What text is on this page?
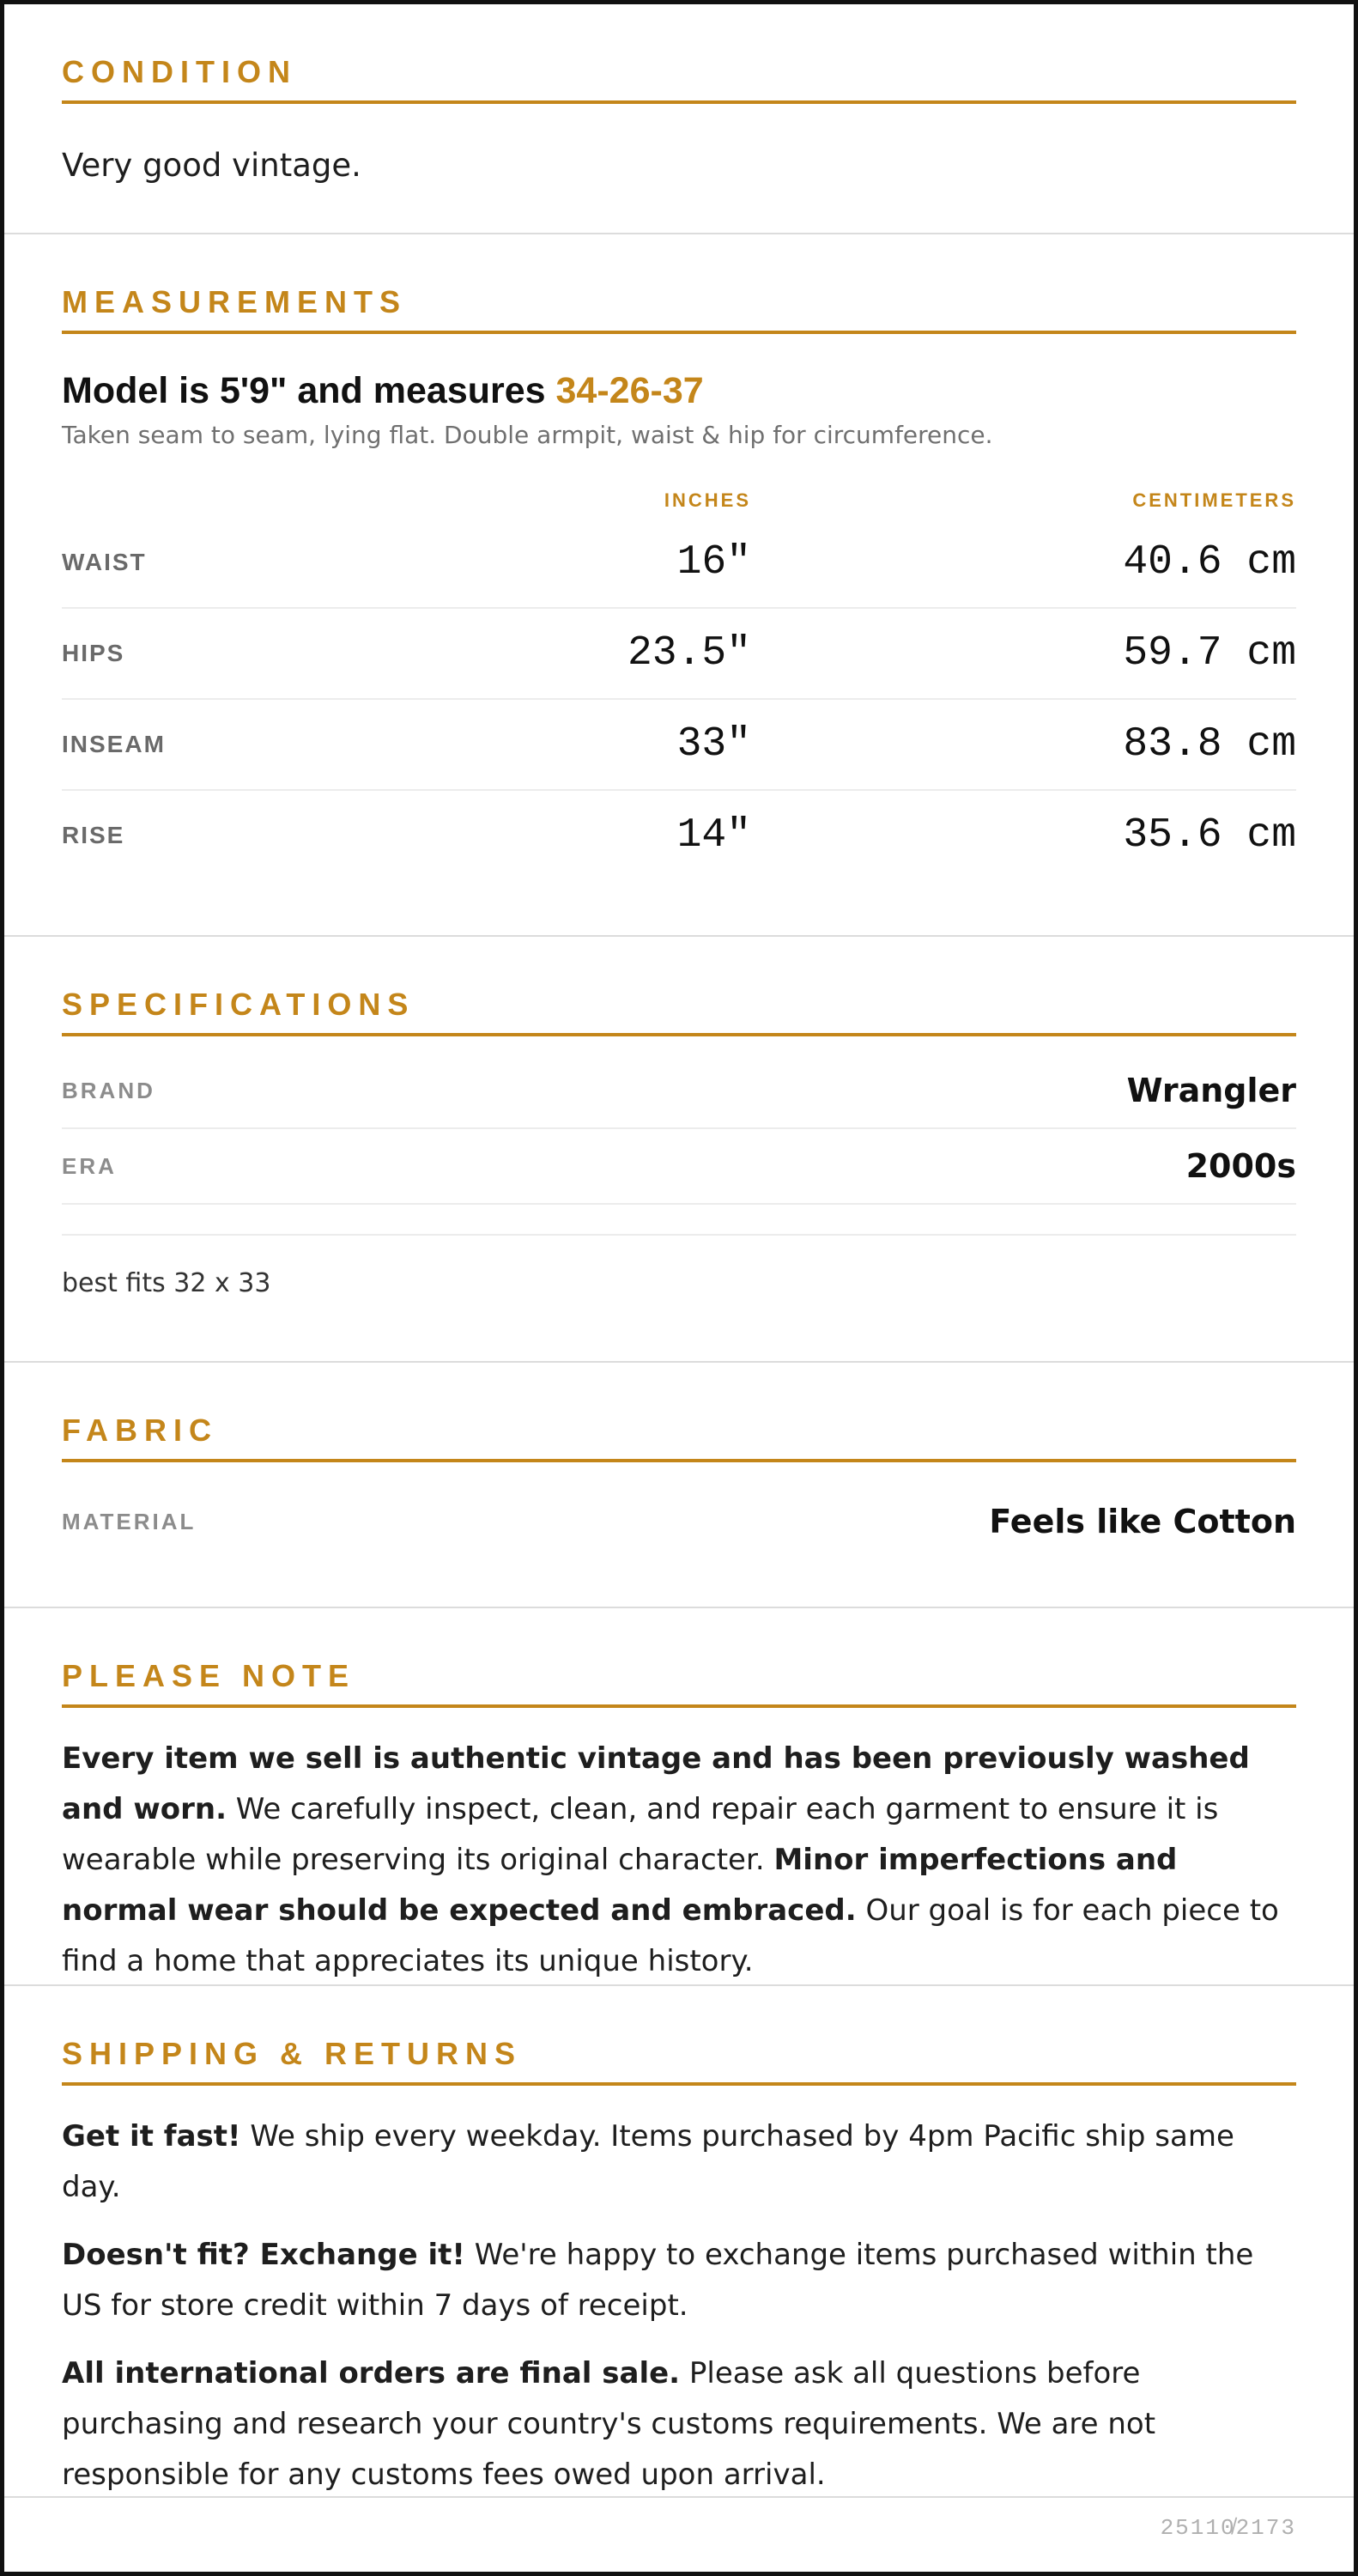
CONDITION
Very good vintage.
MEASUREMENTS
Model is 5'9" and measures 34-26-37
Taken seam to seam, lying flat. Double armpit, waist & hip for circumference.
INCHES	CENTIMETERS
WAIST	16"	40.6 cm
HIPS	23.5"	59.7 cm
INSEAM	33"	83.8 cm
RISE	14"	35.6 cm
SPECIFICATIONS
BRAND	Wrangler
ERA	2000s
best fits 32 x 33
FABRIC
MATERIAL	Feels like Cotton
PLEASE NOTE

Every item we sell is authentic vintage and has been previously washed and worn. We carefully inspect, clean, and repair each garment to ensure it is wearable while preserving its original character. Minor imperfections and normal wear should be expected and embraced. Our goal is for each piece to find a home that appreciates its unique history.

SHIPPING & RETURNS

Get it fast! We ship every weekday. Items purchased by 4pm Pacific ship same day.

Doesn't fit? Exchange it! We're happy to exchange items purchased within the US for store credit within 7 days of receipt.

All international orders are final sale. Please ask all questions before purchasing and research your country's customs requirements. We are not responsible for any customs fees owed upon arrival.

25110̸2173
